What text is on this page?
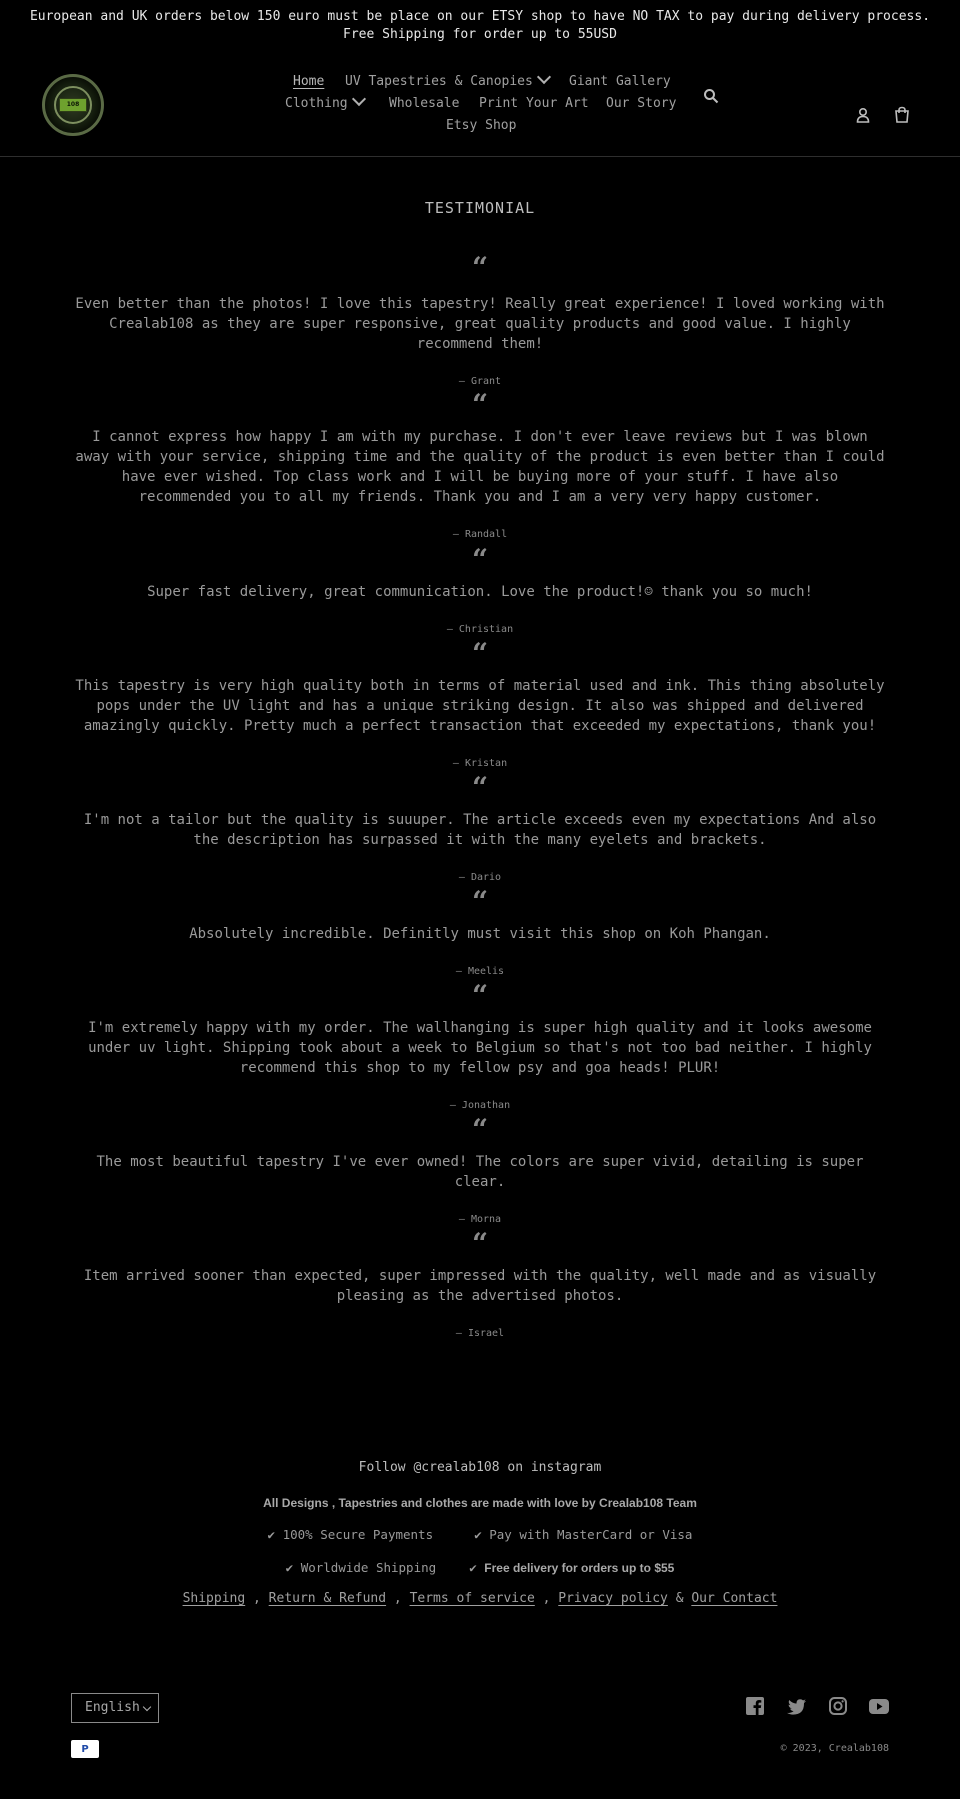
European and UK orders below 150 euro must be place on our ETSY shop to have NO TAX to pay during delivery process.
Free Shipping for order up to 55USD
108
Home UV Tapestries & Canopies	Giant Gallery
Clothing	Wholesale Print Your Art Our Story
Etsy Shop
TESTIMONIAL
“

Even better than the photos! I love this tapestry! Really great experience! I loved working with Crealab108 as they are super responsive, great quality products and good value. I highly recommend them!

— Grant
“

I cannot express how happy I am with my purchase. I don't ever leave reviews but I was blown away with your service, shipping time and the quality of the product is even better than I could have ever wished. Top class work and I will be buying more of your stuff. I have also recommended you to all my friends. Thank you and I am a very very happy customer.

— Randall
“

Super fast delivery, great communication. Love the product!☺ thank you so much!

— Christian
“

This tapestry is very high quality both in terms of material used and ink. This thing absolutely pops under the UV light and has a unique striking design. It also was shipped and delivered amazingly quickly. Pretty much a perfect transaction that exceeded my expectations, thank you!

— Kristan
“

I'm not a tailor but the quality is suuuper. The article exceeds even my expectations And also the description has surpassed it with the many eyelets and brackets.

— Dario
“

Absolutely incredible. Definitly must visit this shop on Koh Phangan.

— Meelis
“

I'm extremely happy with my order. The wallhanging is super high quality and it looks awesome under uv light. Shipping took about a week to Belgium so that's not too bad neither. I highly recommend this shop to my fellow psy and goa heads! PLUR!

— Jonathan
“

The most beautiful tapestry I've ever owned! The colors are super vivid, detailing is super clear.

— Morna
“

Item arrived sooner than expected, super impressed with the quality, well made and as visually pleasing as the advertised photos.

— Israel
Follow @crealab108 on instagram
All Designs , Tapestries and clothes are made with love by Crealab108 Team
✔ 100% Secure Payments	✔ Pay with MasterCard or Visa
✔ Worldwide Shipping	✔ Free delivery for orders up to $55
Shipping , Return & Refund , Terms of service , Privacy policy & Our Contact
English
P	© 2023, Crealab108
